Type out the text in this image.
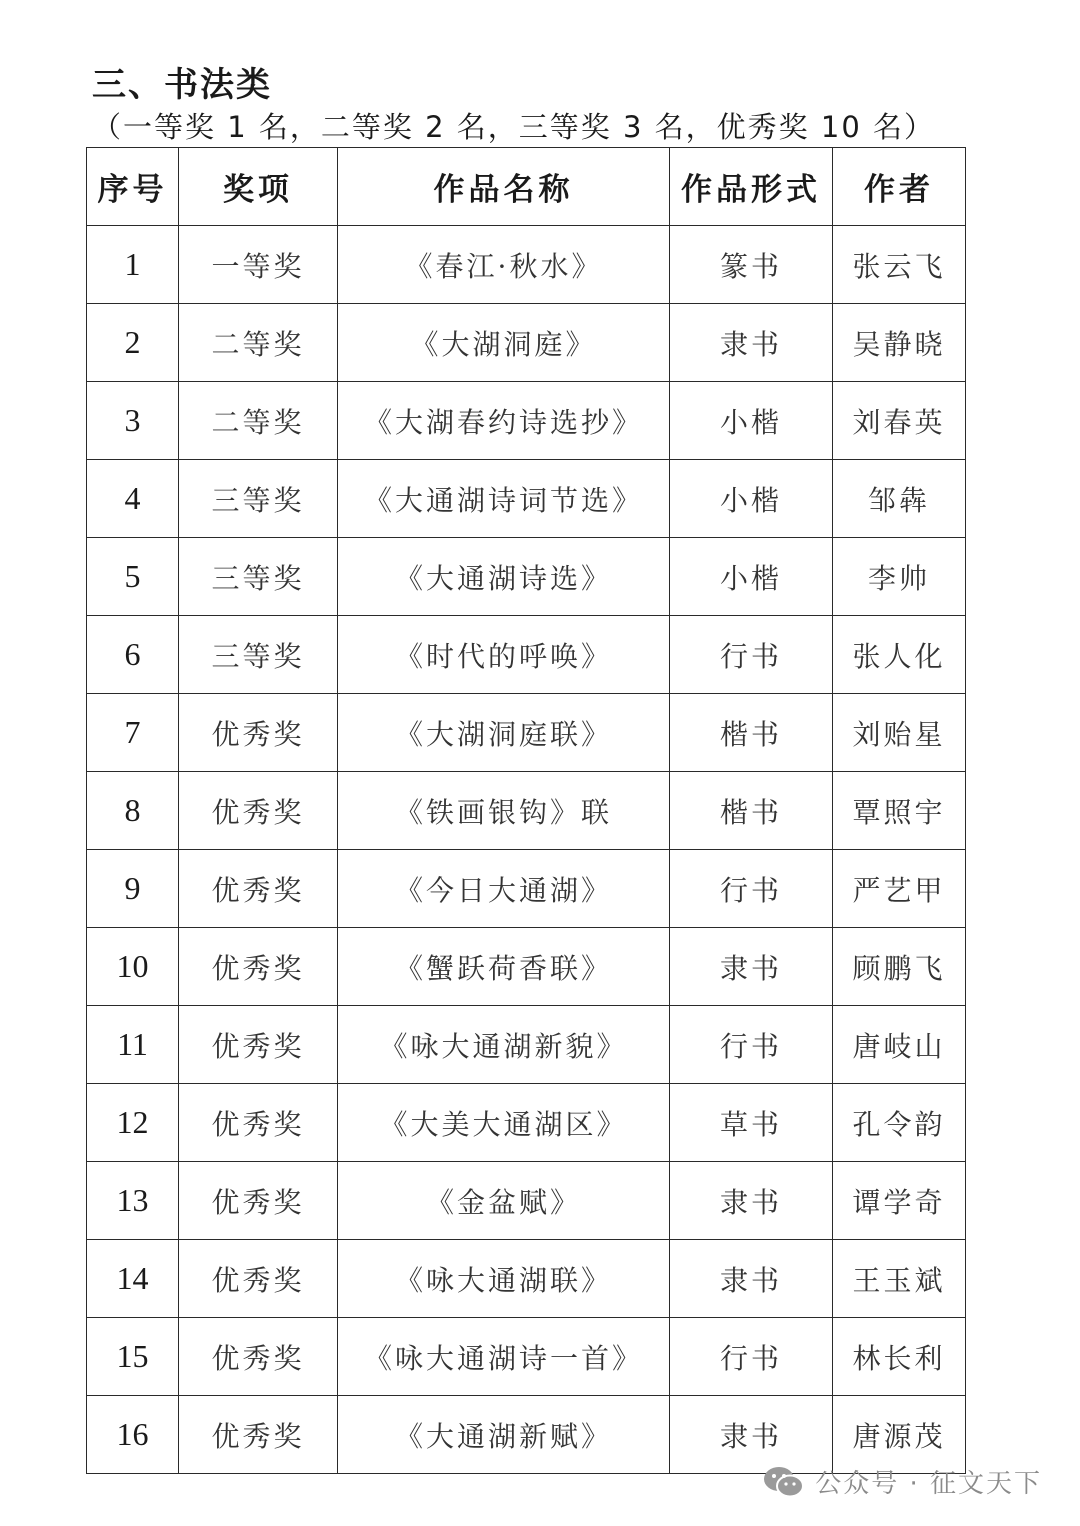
三、书法类
（一等奖 1 名，二等奖 2 名，三等奖 3 名，优秀奖 10 名）
序号	奖项	作品名称	作品形式	作者
1	一等奖	《春江·秋水》	篆书	张云飞
2	二等奖	《大湖洞庭》	隶书	吴静晓
3	二等奖	《大湖春约诗选抄》	小楷	刘春英
4	三等奖	《大通湖诗词节选》	小楷	邹犇
5	三等奖	《大通湖诗选》	小楷	李帅
6	三等奖	《时代的呼唤》	行书	张人化
7	优秀奖	《大湖洞庭联》	楷书	刘贻星
8	优秀奖	《铁画银钩》联	楷书	覃照宇
9	优秀奖	《今日大通湖》	行书	严艺甲
10	优秀奖	《蟹跃荷香联》	隶书	顾鹏飞
11	优秀奖	《咏大通湖新貌》	行书	唐岐山
12	优秀奖	《大美大通湖区》	草书	孔令韵
13	优秀奖	《金盆赋》	隶书	谭学奇
14	优秀奖	《咏大通湖联》	隶书	王玉斌
15	优秀奖	《咏大通湖诗一首》	行书	林长利
16	优秀奖	《大通湖新赋》	隶书	唐源茂
公众号 · 征文天下
